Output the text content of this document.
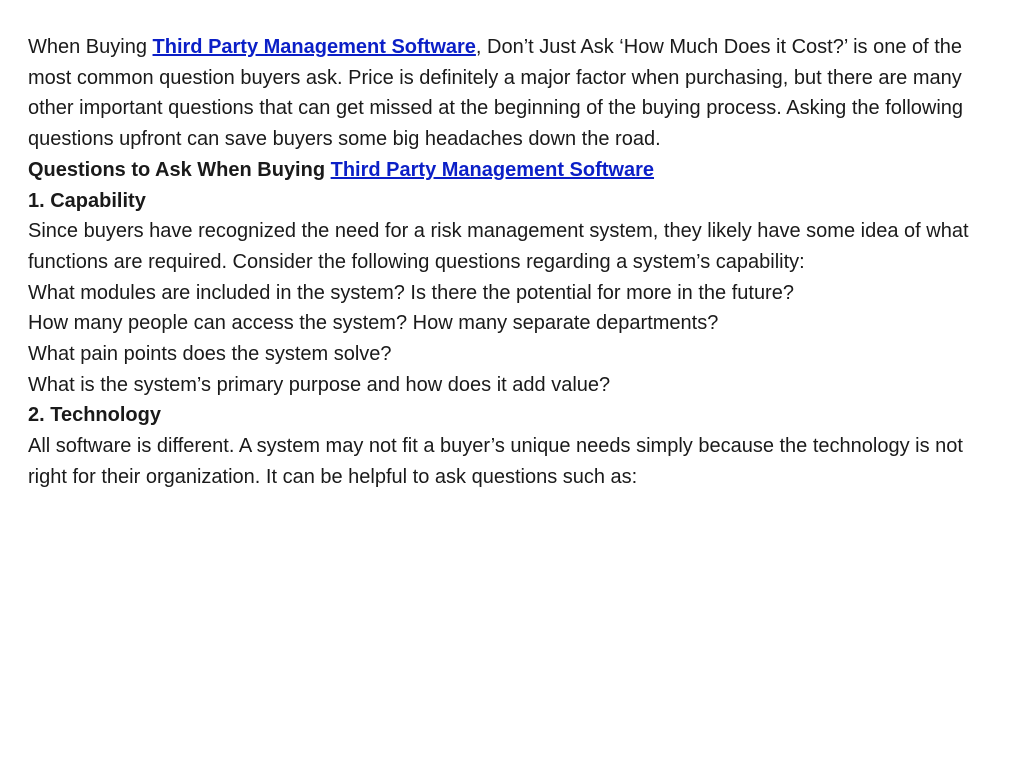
When Buying Third Party Management Software, Don’t Just Ask ‘How Much Does it Cost?’ is one of the most common question buyers ask. Price is definitely a major factor when purchasing, but there are many other important questions that can get missed at the beginning of the buying process. Asking the following questions upfront can save buyers some big headaches down the road.

Questions to Ask When Buying Third Party Management Software

1. Capability

Since buyers have recognized the need for a risk management system, they likely have some idea of what functions are required. Consider the following questions regarding a system’s capability:

What modules are included in the system? Is there the potential for more in the future?

How many people can access the system? How many separate departments?

What pain points does the system solve?

What is the system’s primary purpose and how does it add value?

2. Technology

All software is different. A system may not fit a buyer’s unique needs simply because the technology is not right for their organization. It can be helpful to ask questions such as:
